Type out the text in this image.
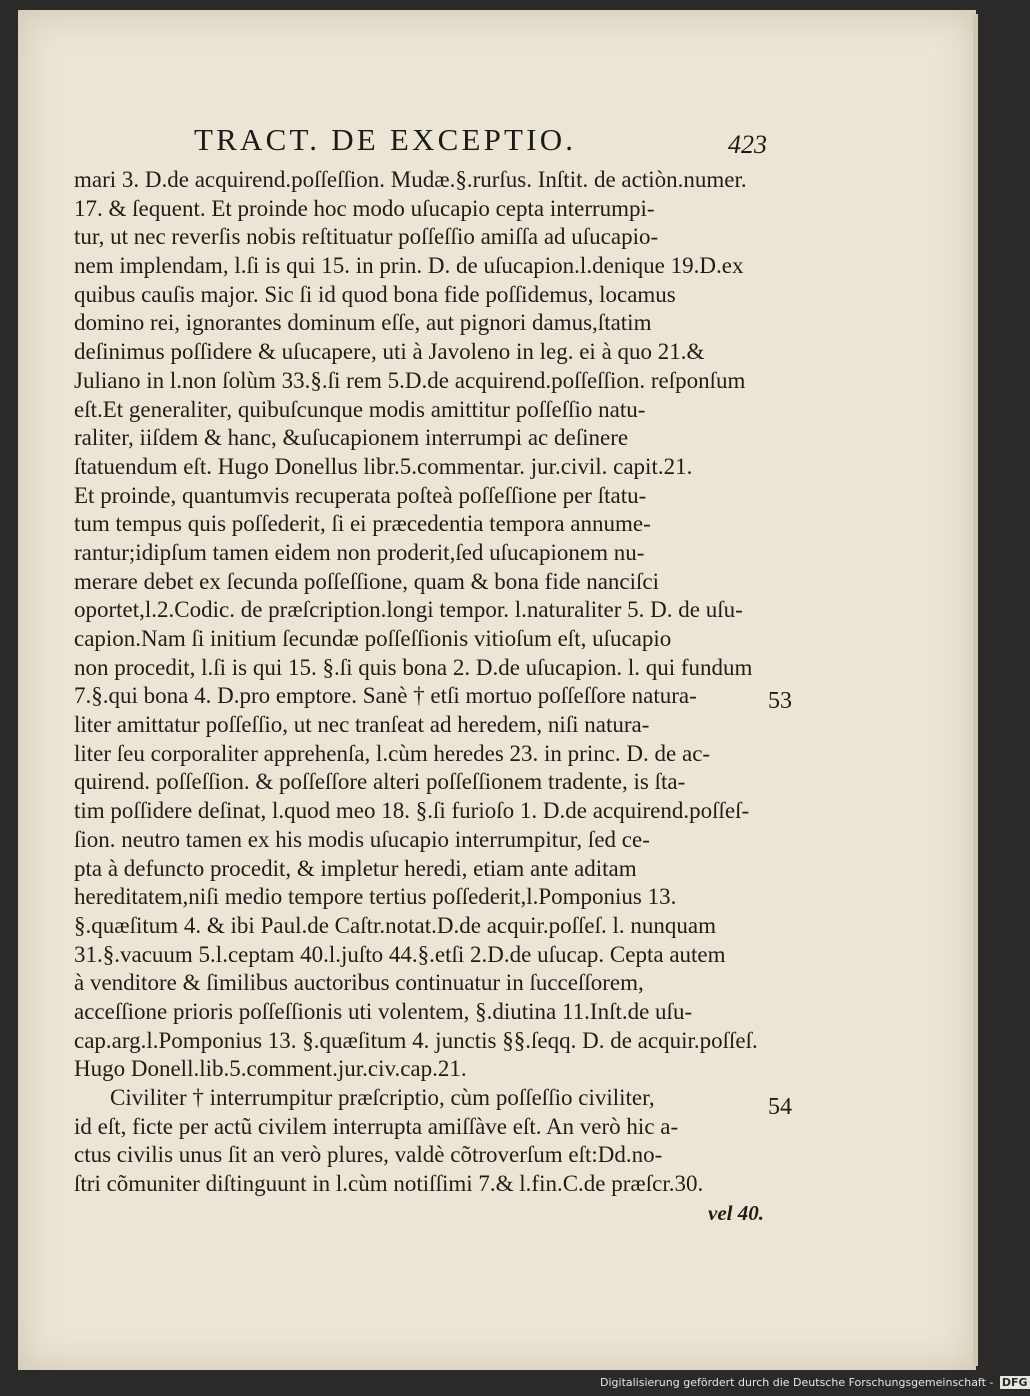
TRACT. DE EXCEPTIO.	423
mari 3. D.de acquirend.poſſeſſion. Mudæ.§.rurſus. Inſtit. de actiòn.numer.
17. & ſequent. Et proinde hoc modo uſucapio cepta interrumpi-
tur, ut nec reverſis nobis reſtituatur poſſeſſio amiſſa ad uſucapio-
nem implendam, l.ſi is qui 15. in prin. D. de uſucapion.l.denique 19.D.ex
quibus cauſis major. Sic ſi id quod bona fide poſſidemus, locamus
domino rei, ignorantes dominum eſſe, aut pignori damus,ſtatim
deſinimus poſſidere & uſucapere, uti à Javoleno in leg. ei à quo 21.&
Juliano in l.non ſolùm 33.§.ſi rem 5.D.de acquirend.poſſeſſion. reſponſum
eſt.Et generaliter, quibuſcunque modis amittitur poſſeſſio natu-
raliter, iiſdem & hanc, &uſucapionem interrumpi ac deſinere
ſtatuendum eſt. Hugo Donellus libr.5.commentar. jur.civil. capit.21.
Et proinde, quantumvis recuperata poſteà poſſeſſione per ſtatu-
tum tempus quis poſſederit, ſi ei præcedentia tempora annume-
rantur;idipſum tamen eidem non proderit,ſed uſucapionem nu-
merare debet ex ſecunda poſſeſſione, quam & bona fide nanciſci
oportet,l.2.Codic. de præſcription.longi tempor. l.naturaliter 5. D. de uſu-
capion.Nam ſi initium ſecundæ poſſeſſionis vitioſum eſt, uſucapio
non procedit, l.ſi is qui 15. §.ſi quis bona 2. D.de uſucapion. l. qui fundum
7.§.qui bona 4. D.pro emptore. Sanè † etſi mortuo poſſeſſore natura-
liter amittatur poſſeſſio, ut nec tranſeat ad heredem, niſi natura-
liter ſeu corporaliter apprehenſa, l.cùm heredes 23. in princ. D. de ac-
quirend. poſſeſſion. & poſſeſſore alteri poſſeſſionem tradente, is ſta-
tim poſſidere deſinat, l.quod meo 18. §.ſi furioſo 1. D.de acquirend.poſſeſ-
ſion. neutro tamen ex his modis uſucapio interrumpitur, ſed ce-
pta à defuncto procedit, & impletur heredi, etiam ante aditam
hereditatem,niſi medio tempore tertius poſſederit,l.Pomponius 13.
§.quæſitum 4. & ibi Paul.de Caſtr.notat.D.de acquir.poſſeſ. l. nunquam
31.§.vacuum 5.l.ceptam 40.l.juſto 44.§.etſi 2.D.de uſucap. Cepta autem
à venditore & ſimilibus auctoribus continuatur in ſucceſſorem,
acceſſione prioris poſſeſſionis uti volentem, §.diutina 11.Inſt.de uſu-
cap.arg.l.Pomponius 13. §.quæſitum 4. junctis §§.ſeqq. D. de acquir.poſſeſ.
Hugo Donell.lib.5.comment.jur.civ.cap.21.
Civiliter † interrumpitur præſcriptio, cùm poſſeſſio civiliter,
id eſt, ficte per actũ civilem interrupta amiſſàve eſt. An verò hic a-
ctus civilis unus ſit an verò plures, valdè cõtroverſum eſt:Dd.no-
ſtri cõmuniter diſtinguunt in l.cùm notiſſimi 7.& l.fin.C.de præſcr.30.
vel 40.
53
54
Digitalisierung gefördert durch die Deutsche Forschungsgemeinschaft - DFG
